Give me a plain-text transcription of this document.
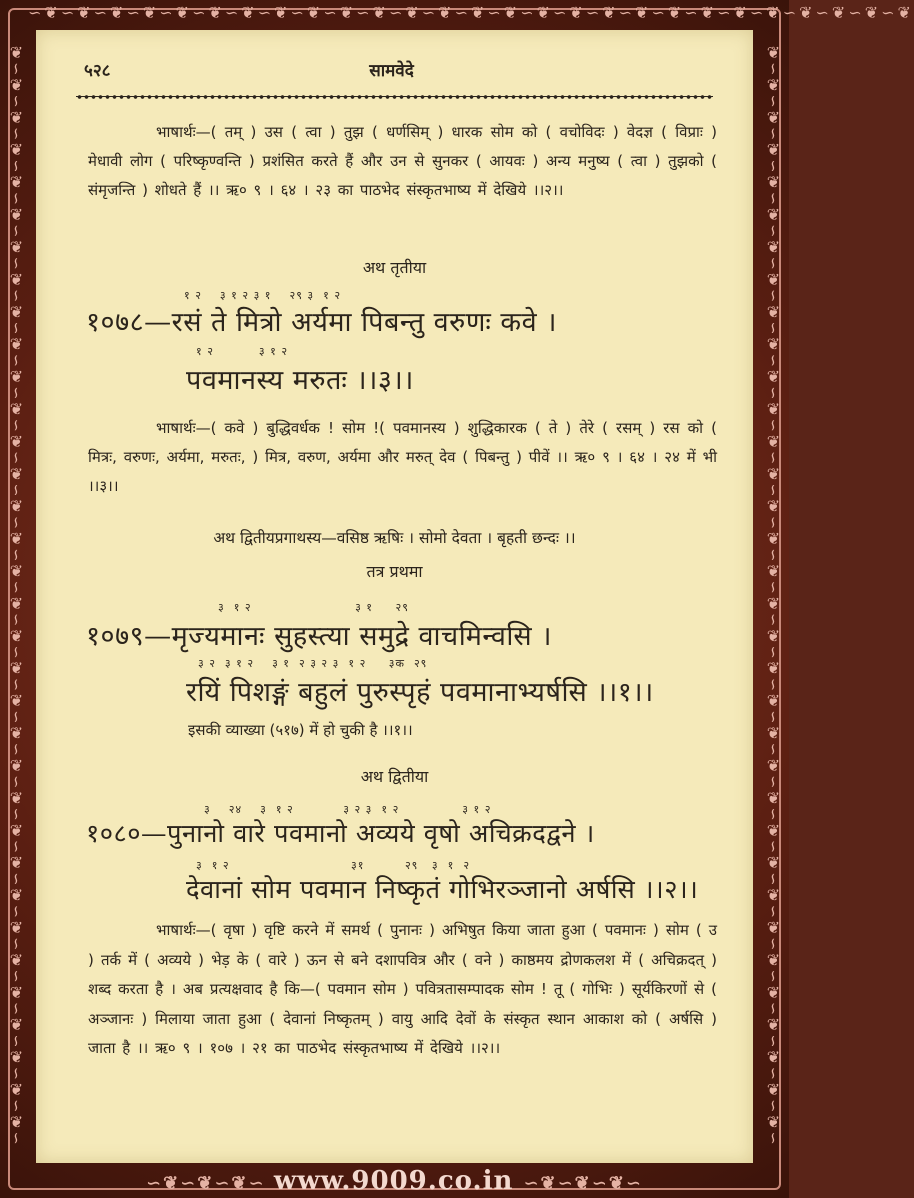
∽❦∽❦∽❦∽❦∽❦∽❦∽❦∽❦∽❦∽❦∽❦∽❦∽❦∽❦∽❦∽❦∽❦∽❦∽❦∽❦∽❦∽❦∽❦∽❦∽❦∽❦∽❦
❦∽❦∽❦∽❦∽❦∽❦∽❦∽❦∽❦∽❦∽❦∽❦∽❦∽❦∽❦∽❦∽❦∽❦∽❦∽❦∽❦∽❦∽❦∽❦∽❦∽❦∽❦∽❦∽❦∽❦∽❦∽❦∽❦∽❦∽	❦∽❦∽❦∽❦∽❦∽❦∽❦∽❦∽❦∽❦∽❦∽❦∽❦∽❦∽❦∽❦∽❦∽❦∽❦∽❦∽❦∽❦∽❦∽❦∽❦∽❦∽❦∽❦∽❦∽❦∽❦∽❦∽❦∽❦∽
५२८	सामवेदे
भाषार्थः—( तम् ) उस ( त्वा ) तुझ ( धर्णसिम् ) धारक सोम को ( वचोविदः ) वेदज्ञ ( विप्राः ) मेधावी लोग ( परिष्कृण्वन्ति ) प्रशंसित करते हैं और उन से सुनकर ( आयवः ) अन्य मनुष्य ( त्वा ) तुझको ( संमृजन्ति ) शोधते हैं ।। ऋ० ९ । ६४ । २३ का पाठभेद संस्कृतभाष्य में देखिये ।।२।।
अथ तृतीया
१ २    ३ १ २ ३ १    २९ ३  १ २
१०७८—रसं ते मित्रो अर्यमा पिबन्तु वरुणः कवे ।
१ २          ३ १ २
पवमानस्य मरुतः ।।३।।
भाषार्थः—( कवे ) बुद्धिवर्धक ! सोम !( पवमानस्य ) शुद्धिकारक ( ते ) तेरे ( रसम् ) रस को ( मित्रः, वरुणः, अर्यमा, मरुतः, ) मित्र, वरुण, अर्यमा और मरुत् देव ( पिबन्तु ) पीवें ।। ऋ० ९ । ६४ । २४ में भी ।।३।।
अथ द्वितीयप्रगाथस्य—वसिष्ठ ऋषिः । सोमो देवता । बृहती छन्दः ।।
तत्र प्रथमा
३  १ २                       ३ १     २९
१०७९—मृज्यमानः सुहस्त्या समुद्रे वाचमिन्वसि ।
३ २  ३ १ २    ३ १  २ ३ २ ३  १ २     ३क  २९
रयिं पिशङ्गं बहुलं पुरुस्पृहं पवमानाभ्यर्षसि ।।१।।
इसकी व्याख्या (५१७) में हो चुकी है ।।१।।
अथ द्वितीया
३    २४    ३  १ २           ३ २ ३  १ २              ३ १ २
१०८०—पुनानो वारे पवमानो अव्यये वृषो अचिक्रदद्वने ।
३  १ २                           ३१         २९   ३  १  २
देवानां सोम पवमान निष्कृतं गोभिरञ्जानो अर्षसि ।।२।।
भाषार्थः—( वृषा ) वृष्टि करने में समर्थ ( पुनानः ) अभिषुत किया जाता हुआ ( पवमानः ) सोम ( उ ) तर्क में ( अव्यये ) भेड़ के ( वारे ) ऊन से बने दशापवित्र और ( वने ) काष्ठमय द्रोणकलश में ( अचिक्रदत् ) शब्द करता है । अब प्रत्यक्षवाद है कि—( पवमान सोम ) पवित्रतासम्पादक सोम ! तू ( गोभिः ) सूर्यकिरणों से ( अञ्जानः ) मिलाया जाता हुआ ( देवानां निष्कृतम् ) वायु आदि देवों के संस्कृत स्थान आकाश को ( अर्षसि ) जाता है ।। ऋ० ९ । १०७ । २१ का पाठभेद संस्कृतभाष्य में देखिये ।।२।।
∽❦∽❦∽❦∽ www.9009.co.in ∽❦∽❦∽❦∽
